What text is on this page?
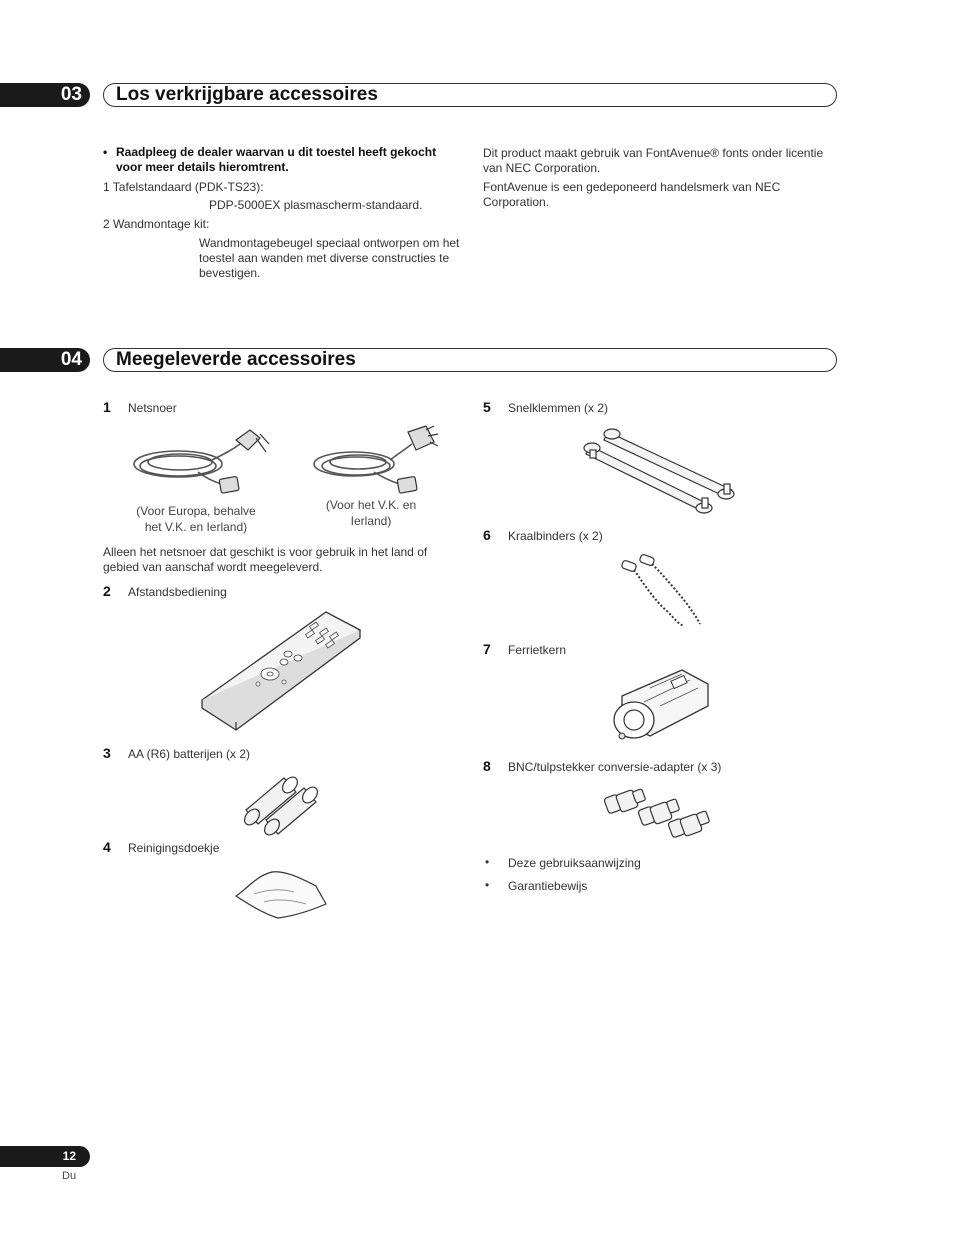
03	Los verkrijgbare accessoires
• Raadpleeg de dealer waarvan u dit toestel heeft gekocht voor meer details hieromtrent.
1 Tafelstandaard (PDK-TS23):
PDP-5000EX plasmascherm-standaard.
2 Wandmontage kit:
Wandmontagebeugel speciaal ontworpen om het toestel aan wanden met diverse constructies te bevestigen.
Dit product maakt gebruik van FontAvenue® fonts onder licentie van NEC Corporation.
FontAvenue is een gedeponeerd handelsmerk van NEC Corporation.
04	Meegeleverde accessoires
1 Netsnoer
(Voor Europa, behalve het V.K. en Ierland)
(Voor het V.K. en Ierland)
Alleen het netsnoer dat geschikt is voor gebruik in het land of gebied van aanschaf wordt meegeleverd.
2 Afstandsbediening
3 AA (R6) batterijen (x 2)
4 Reinigingsdoekje
5 Snelklemmen (x 2)
6 Kraalbinders (x 2)
7 Ferrietkern
8 BNC/tulpstekker conversie-adapter (x 3)
• Deze gebruiksaanwijzing
• Garantiebewijs
12
Du
